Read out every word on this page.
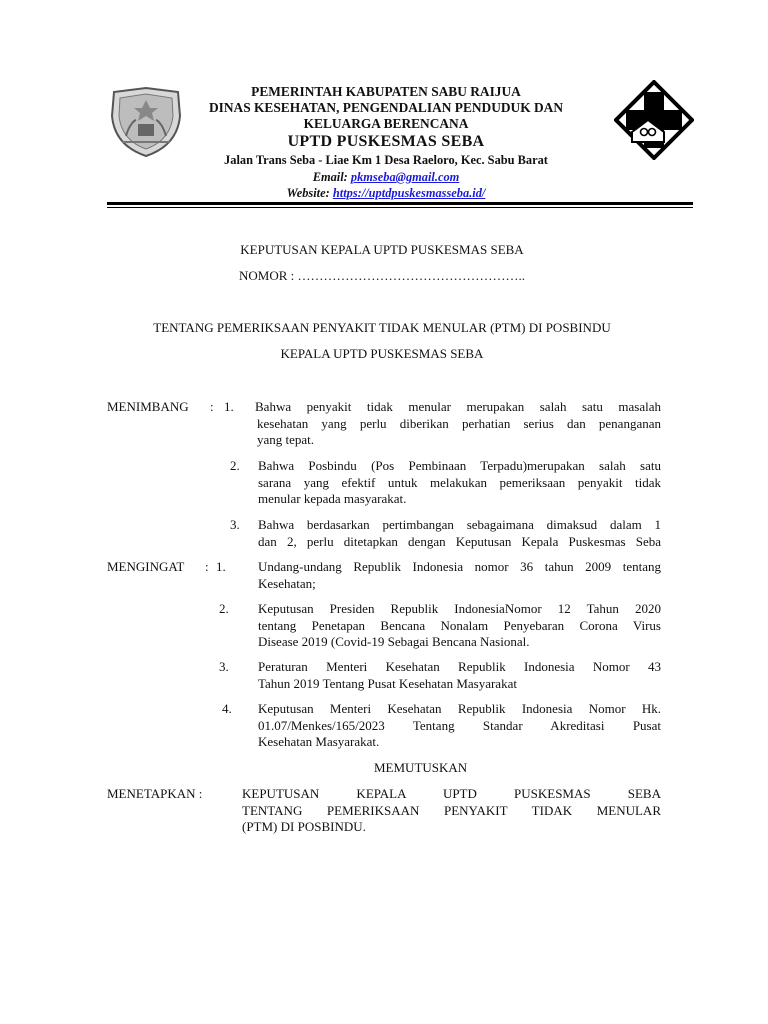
PEMERINTAH KABUPATEN SABU RAIJUA
DINAS KESEHATAN, PENGENDALIAN PENDUDUK DAN
KELUARGA BERENCANA
UPTD PUSKESMAS SEBA
Jalan Trans Seba - Liae Km 1 Desa Raeloro, Kec. Sabu Barat
Email: pkmseba@gmail.com
Website: https://uptdpuskesmasseba.id/
KEPUTUSAN KEPALA UPTD PUSKESMAS SEBA
NOMOR : ……………………………………………..
TENTANG PEMERIKSAAN PENYAKIT TIDAK MENULAR (PTM) DI POSBINDU
KEPALA UPTD PUSKESMAS SEBA
MENIMBANG : 1. Bahwa penyakit tidak menular merupakan salah satu masalah
kesehatan yang perlu diberikan perhatian serius dan penanganan
yang tepat.
2. Bahwa Posbindu (Pos Pembinaan Terpadu)merupakan salah satu
sarana yang efektif untuk melakukan pemeriksaan penyakit tidak
menular kepada masyarakat.
3. Bahwa berdasarkan pertimbangan sebagaimana dimaksud dalam 1
dan 2, perlu ditetapkan dengan Keputusan Kepala Puskesmas Seba
MENGINGAT : 1. Undang-undang Republik Indonesia nomor 36 tahun 2009 tentang
Kesehatan;
2. Keputusan Presiden Republik IndonesiaNomor 12 Tahun 2020
tentang Penetapan Bencana Nonalam Penyebaran Corona Virus
Disease 2019 (Covid-19 Sebagai Bencana Nasional.
3. Peraturan Menteri Kesehatan Republik Indonesia Nomor 43
Tahun 2019 Tentang Pusat Kesehatan Masyarakat
4. Keputusan Menteri Kesehatan Republik Indonesia Nomor Hk.
01.07/Menkes/165/2023 Tentang Standar Akreditasi Pusat
Kesehatan Masyarakat.
MEMUTUSKAN
MENETAPKAN :	KEPUTUSAN KEPALA UPTD PUSKESMAS SEBA
TENTANG PEMERIKSAAN PENYAKIT TIDAK MENULAR
(PTM) DI POSBINDU.
